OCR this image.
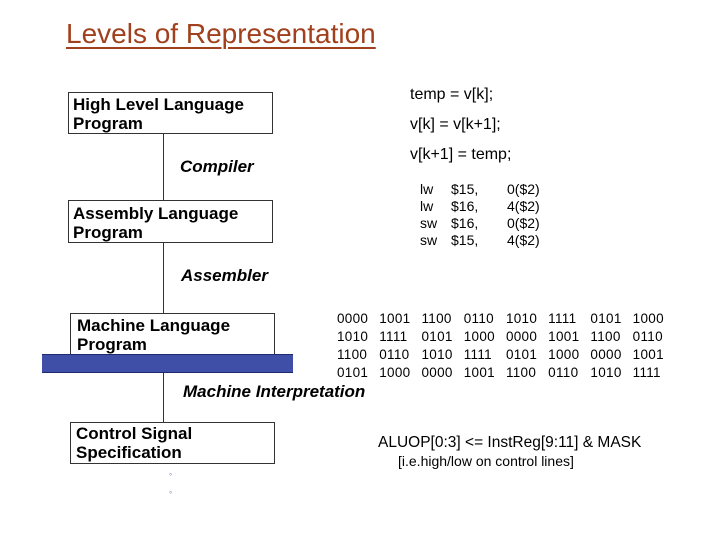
Levels of Representation
High Level Language
Program
Assembly Language
Program
Machine Language
Program
Control Signal
Specification
Compiler
Assembler
Machine Interpretation
temp = v[k];
v[k] = v[k+1];
v[k+1] = temp;
lw	$15,	0($2)
lw	$16,	4($2)
sw	$16,	0($2)
sw	$15,	4($2)
0000	1001	1100	0110	1010	1111	0101	1000
1010	1111	0101	1000	0000	1001	1100	0110
1100	0110	1010	1111	0101	1000	0000	1001
0101	1000	0000	1001	1100	0110	1010	1111
ALUOP[0:3] <= InstReg[9:11] & MASK
[i.e.high/low on control lines]
°
°
